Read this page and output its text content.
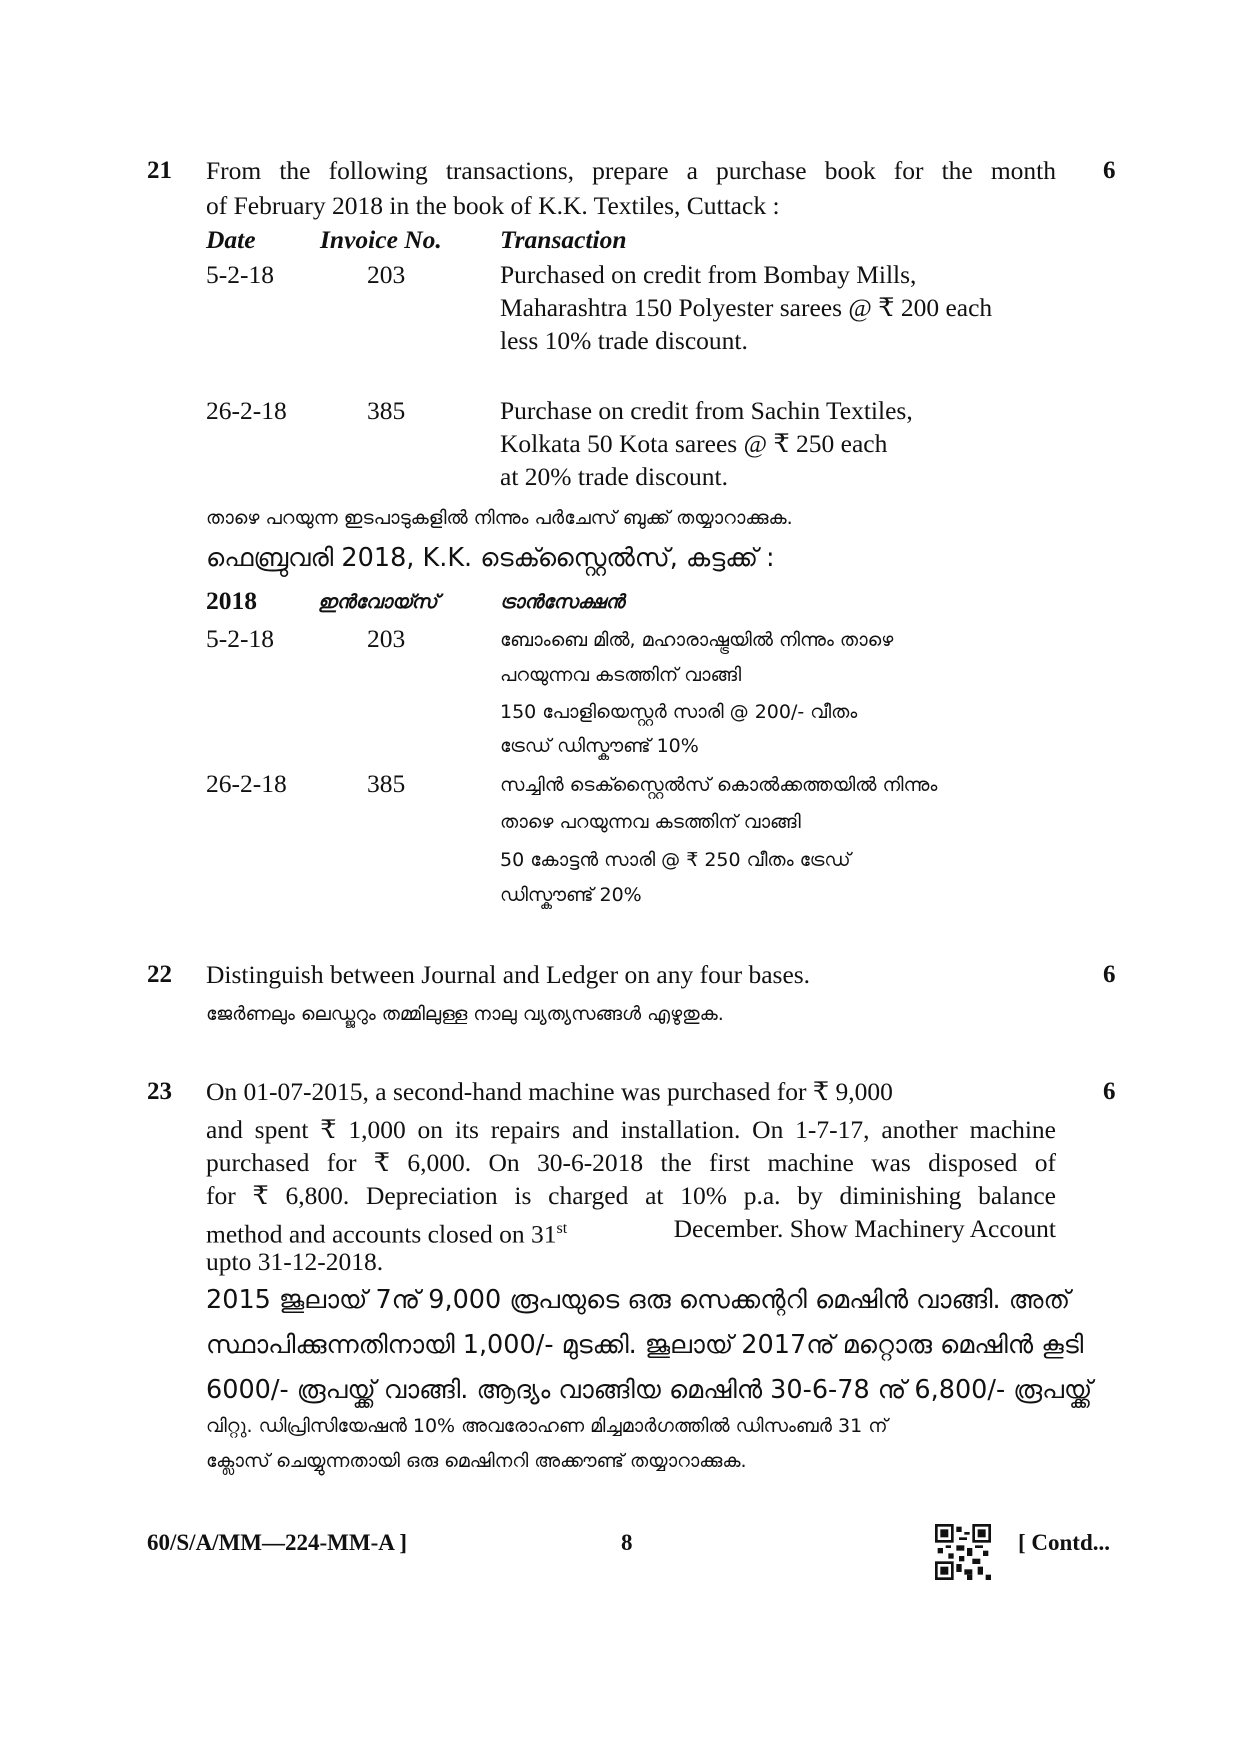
21	6
From the following transactions, prepare a purchase book for the month
of February 2018 in the book of K.K. Textiles, Cuttack :
Date	Invoice No. Transaction
5-2-18	203	Purchased on credit from Bombay Mills,
Maharashtra 150 Polyester sarees @ ₹ 200 each
less 10% trade discount.
26-2-18	385	Purchase on credit from Sachin Textiles,
Kolkata 50 Kota sarees @ ₹ 250 each
at 20% trade discount.
താഴെ പറയുന്ന ഇടപാടുകളിൽ നിന്നും പർചേസ് ബുക്ക് തയ്യാറാക്കുക.
ഫെബ്രുവരി 2018, K.K. ടെക്സ്റ്റൈൽസ്, കട്ടക്ക് :
2018	ഇൻവോയ്സ്	ട്രാൻസേക്ഷൻ
5-2-18	203	ബോംബെ മിൽ, മഹാരാഷ്ട്രയിൽ നിന്നും താഴെ
പറയുന്നവ കടത്തിന് വാങ്ങി
150 പോളിയെസ്റ്റർ സാരി @ 200/- വീതം
ട്രേഡ് ഡിസ്കൗണ്ട് 10%
26-2-18	385	സച്ചിൻ ടെക്സ്റ്റൈൽസ് കൊൽക്കത്തയിൽ നിന്നും
താഴെ പറയുന്നവ കടത്തിന് വാങ്ങി
50 കോട്ടൻ സാരി @ ₹ 250 വീതം ട്രേഡ്
ഡിസ്കൗണ്ട് 20%
22	6
Distinguish between Journal and Ledger on any four bases.
ജേർണലും ലെഡ്ജറും തമ്മിലുള്ള നാലു വ്യത്യസങ്ങൾ എഴുതുക.
23	6
On 01-07-2015, a second-hand machine was purchased for ₹ 9,000
and spent ₹ 1,000 on its repairs and installation. On 1-7-17, another machine
purchased for ₹ 6,000. On 30-6-2018 the first machine was disposed of
for ₹ 6,800. Depreciation is charged at 10% p.a. by diminishing balance
method and accounts closed on 31st	December. Show Machinery Account
upto 31-12-2018.
2015 ജൂലായ് 7നു് 9,000 രൂപയുടെ ഒരു സെക്കന്ററി മെഷിൻ വാങ്ങി. അത്
സ്ഥാപിക്കുന്നതിനായി 1,000/- മുടക്കി. ജൂലായ് 2017നു് മറ്റൊരു മെഷിൻ കൂടി
6000/- രൂപയ്ക്ക് വാങ്ങി. ആദ്യം വാങ്ങിയ മെഷിൻ 30-6-78 നു് 6,800/- രൂപയ്ക്ക്
വിറ്റു. ഡിപ്രിസിയേഷൻ 10% അവരോഹണ മിച്ചമാർഗത്തിൽ ഡിസംബർ 31 ന്
ക്ലോസ് ചെയ്യുന്നതായി ഒരു മെഷിനറി അക്കൗണ്ട് തയ്യാറാക്കുക.
60/S/A/MM—224-MM-A ]	8	[ Contd...
